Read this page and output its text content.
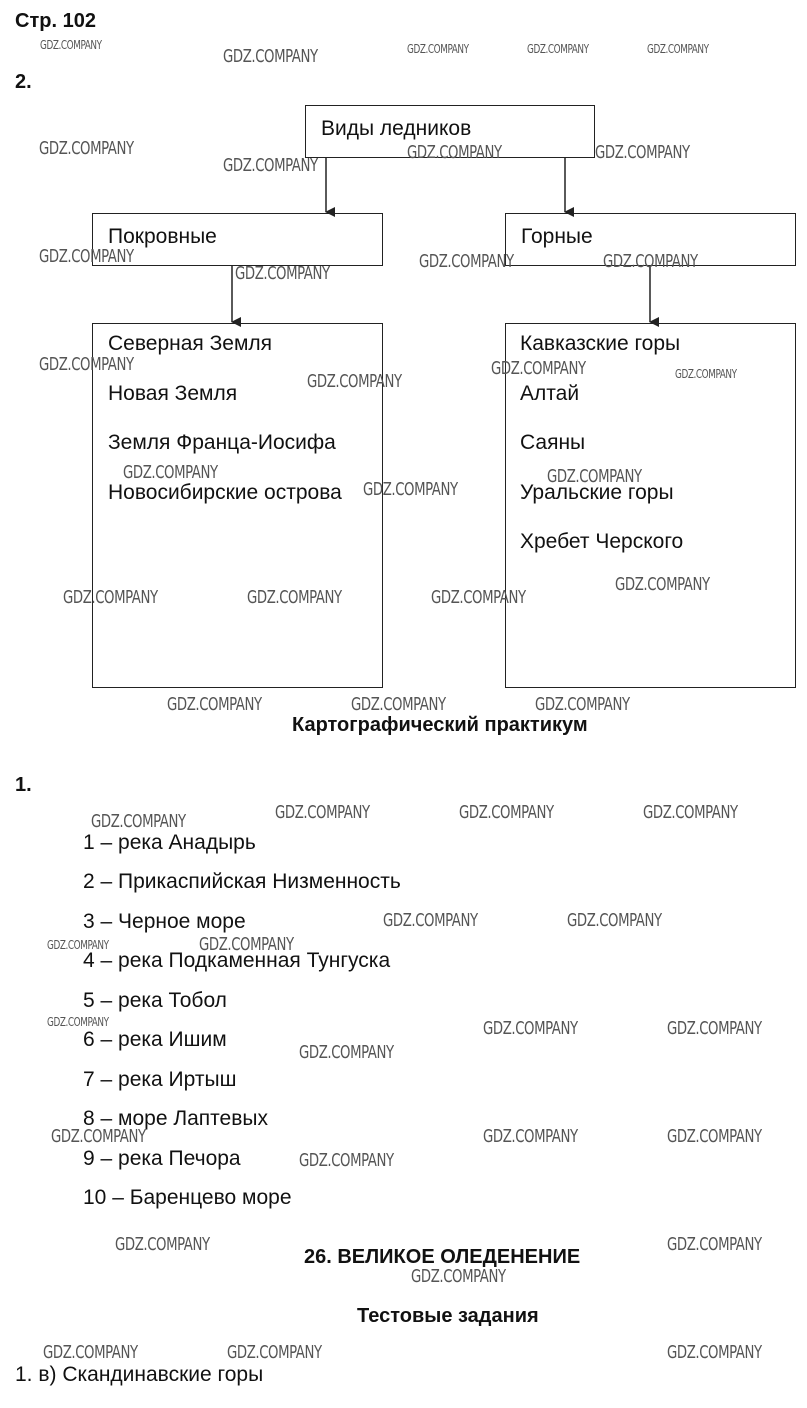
Стр. 102
2.
Виды ледников
Покровные	Горные
Северная Земля
Новая Земля
Земля Франца-Иосифа
Новосибирские острова
Кавказские горы
Алтай
Саяны
Уральские горы
Хребет Черского
Картографический практикум
1.
1 – река Анадырь
2 – Прикаспийская Низменность
3 – Черное море
4 – река Подкаменная Тунгуска
5 – река Тобол
6 – река Ишим
7 – река Иртыш
8 – море Лаптевых
9 – река Печора
10 – Баренцево море
26. ВЕЛИКОЕ ОЛЕДЕНЕНИЕ
Тестовые задания
1. в) Скандинавские горы
GDZ.COMPANY
GDZ.COMPANY	GDZ.COMPANY	GDZ.COMPANY	GDZ.COMPANY
GDZ.COMPANY
GDZ.COMPANY
GDZ.COMPANY	GDZ.COMPANY
GDZ.COMPANY
GDZ.COMPANY
GDZ.COMPANY	GDZ.COMPANY
GDZ.COMPANY
GDZ.COMPANY
GDZ.COMPANY	GDZ.COMPANY
GDZ.COMPANY
GDZ.COMPANY
GDZ.COMPANY
GDZ.COMPANY
GDZ.COMPANY	GDZ.COMPANY	GDZ.COMPANY
GDZ.COMPANY	GDZ.COMPANY	GDZ.COMPANY
GDZ.COMPANY	GDZ.COMPANY	GDZ.COMPANY	GDZ.COMPANY
GDZ.COMPANY	GDZ.COMPANY
GDZ.COMPANY	GDZ.COMPANY
GDZ.COMPANY	GDZ.COMPANY	GDZ.COMPANY
GDZ.COMPANY
GDZ.COMPANY	GDZ.COMPANY	GDZ.COMPANY
GDZ.COMPANY
GDZ.COMPANY	GDZ.COMPANY
GDZ.COMPANY
GDZ.COMPANY	GDZ.COMPANY	GDZ.COMPANY
